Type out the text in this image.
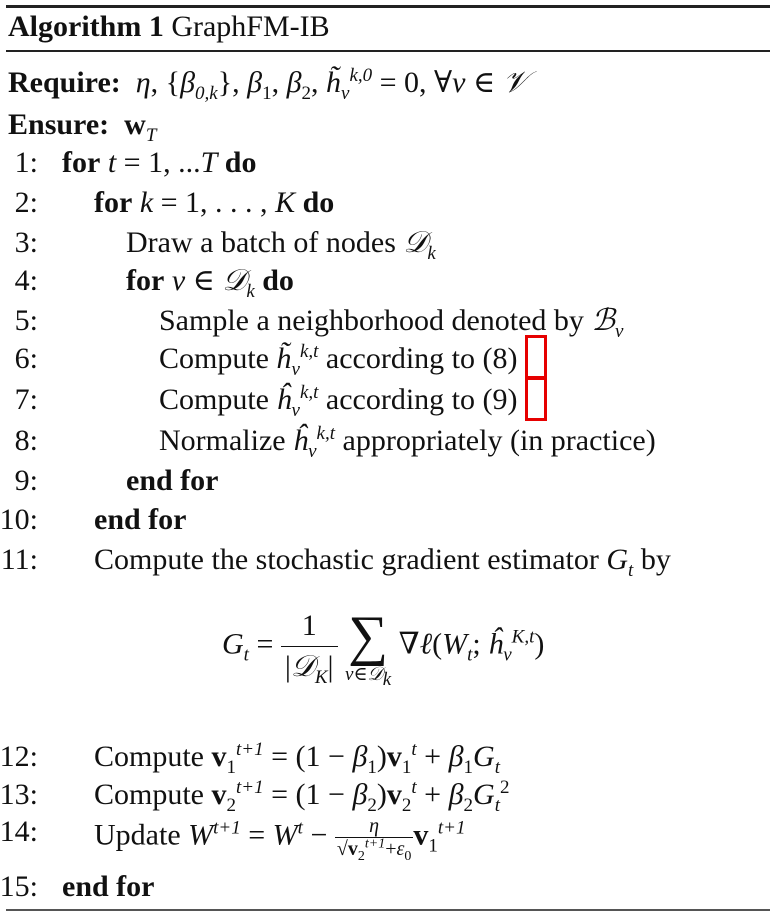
Algorithm 1 GraphFM-IB
Require:  η, $\{\beta_{0,k}\}$, $\beta_1$, $\beta_2$, $h̃_v^{k,0} = 0$, ∀v ∈ 𝒱
Ensure: $w_T$
1: for t = 1, ...T do
2: for k = 1, . . . , K do
3:	Draw a batch of nodes 𝒟$_k$
4:	for v ∈ 𝒟$_k$ do
5:	Sample a neighborhood denoted by ℬ$_v$
6:	Compute $h̃_v^{k,t}$ according to (8)
7:	Compute $ĥ_v^{k,t}$ according to (9)
8:	Normalize $ĥ_v^{k,t}$ appropriately (in practice)
9:	end for
10: end for
11: Compute the stochastic gradient estimator $G_t$ by
$G_t = \frac{1}{|𝒟_K|}$
∑
v∈𝒟$_k$
$\nabla\ell(W_t$; $ĥ_v^{K,t}$)
12: Compute $v_1^{t+1} = (1 - \beta_1)v_1^t + \beta_1G_t$
13: Compute $v_2^{t+1} = (1 - \beta_2)v_2^t + \beta_2G_t^2$
14: Update $W^{t+1} = W^t - \frac{\eta}{√v_2^{t+1}+\varepsilon_0} v_1^{t+1}$
15: end for
